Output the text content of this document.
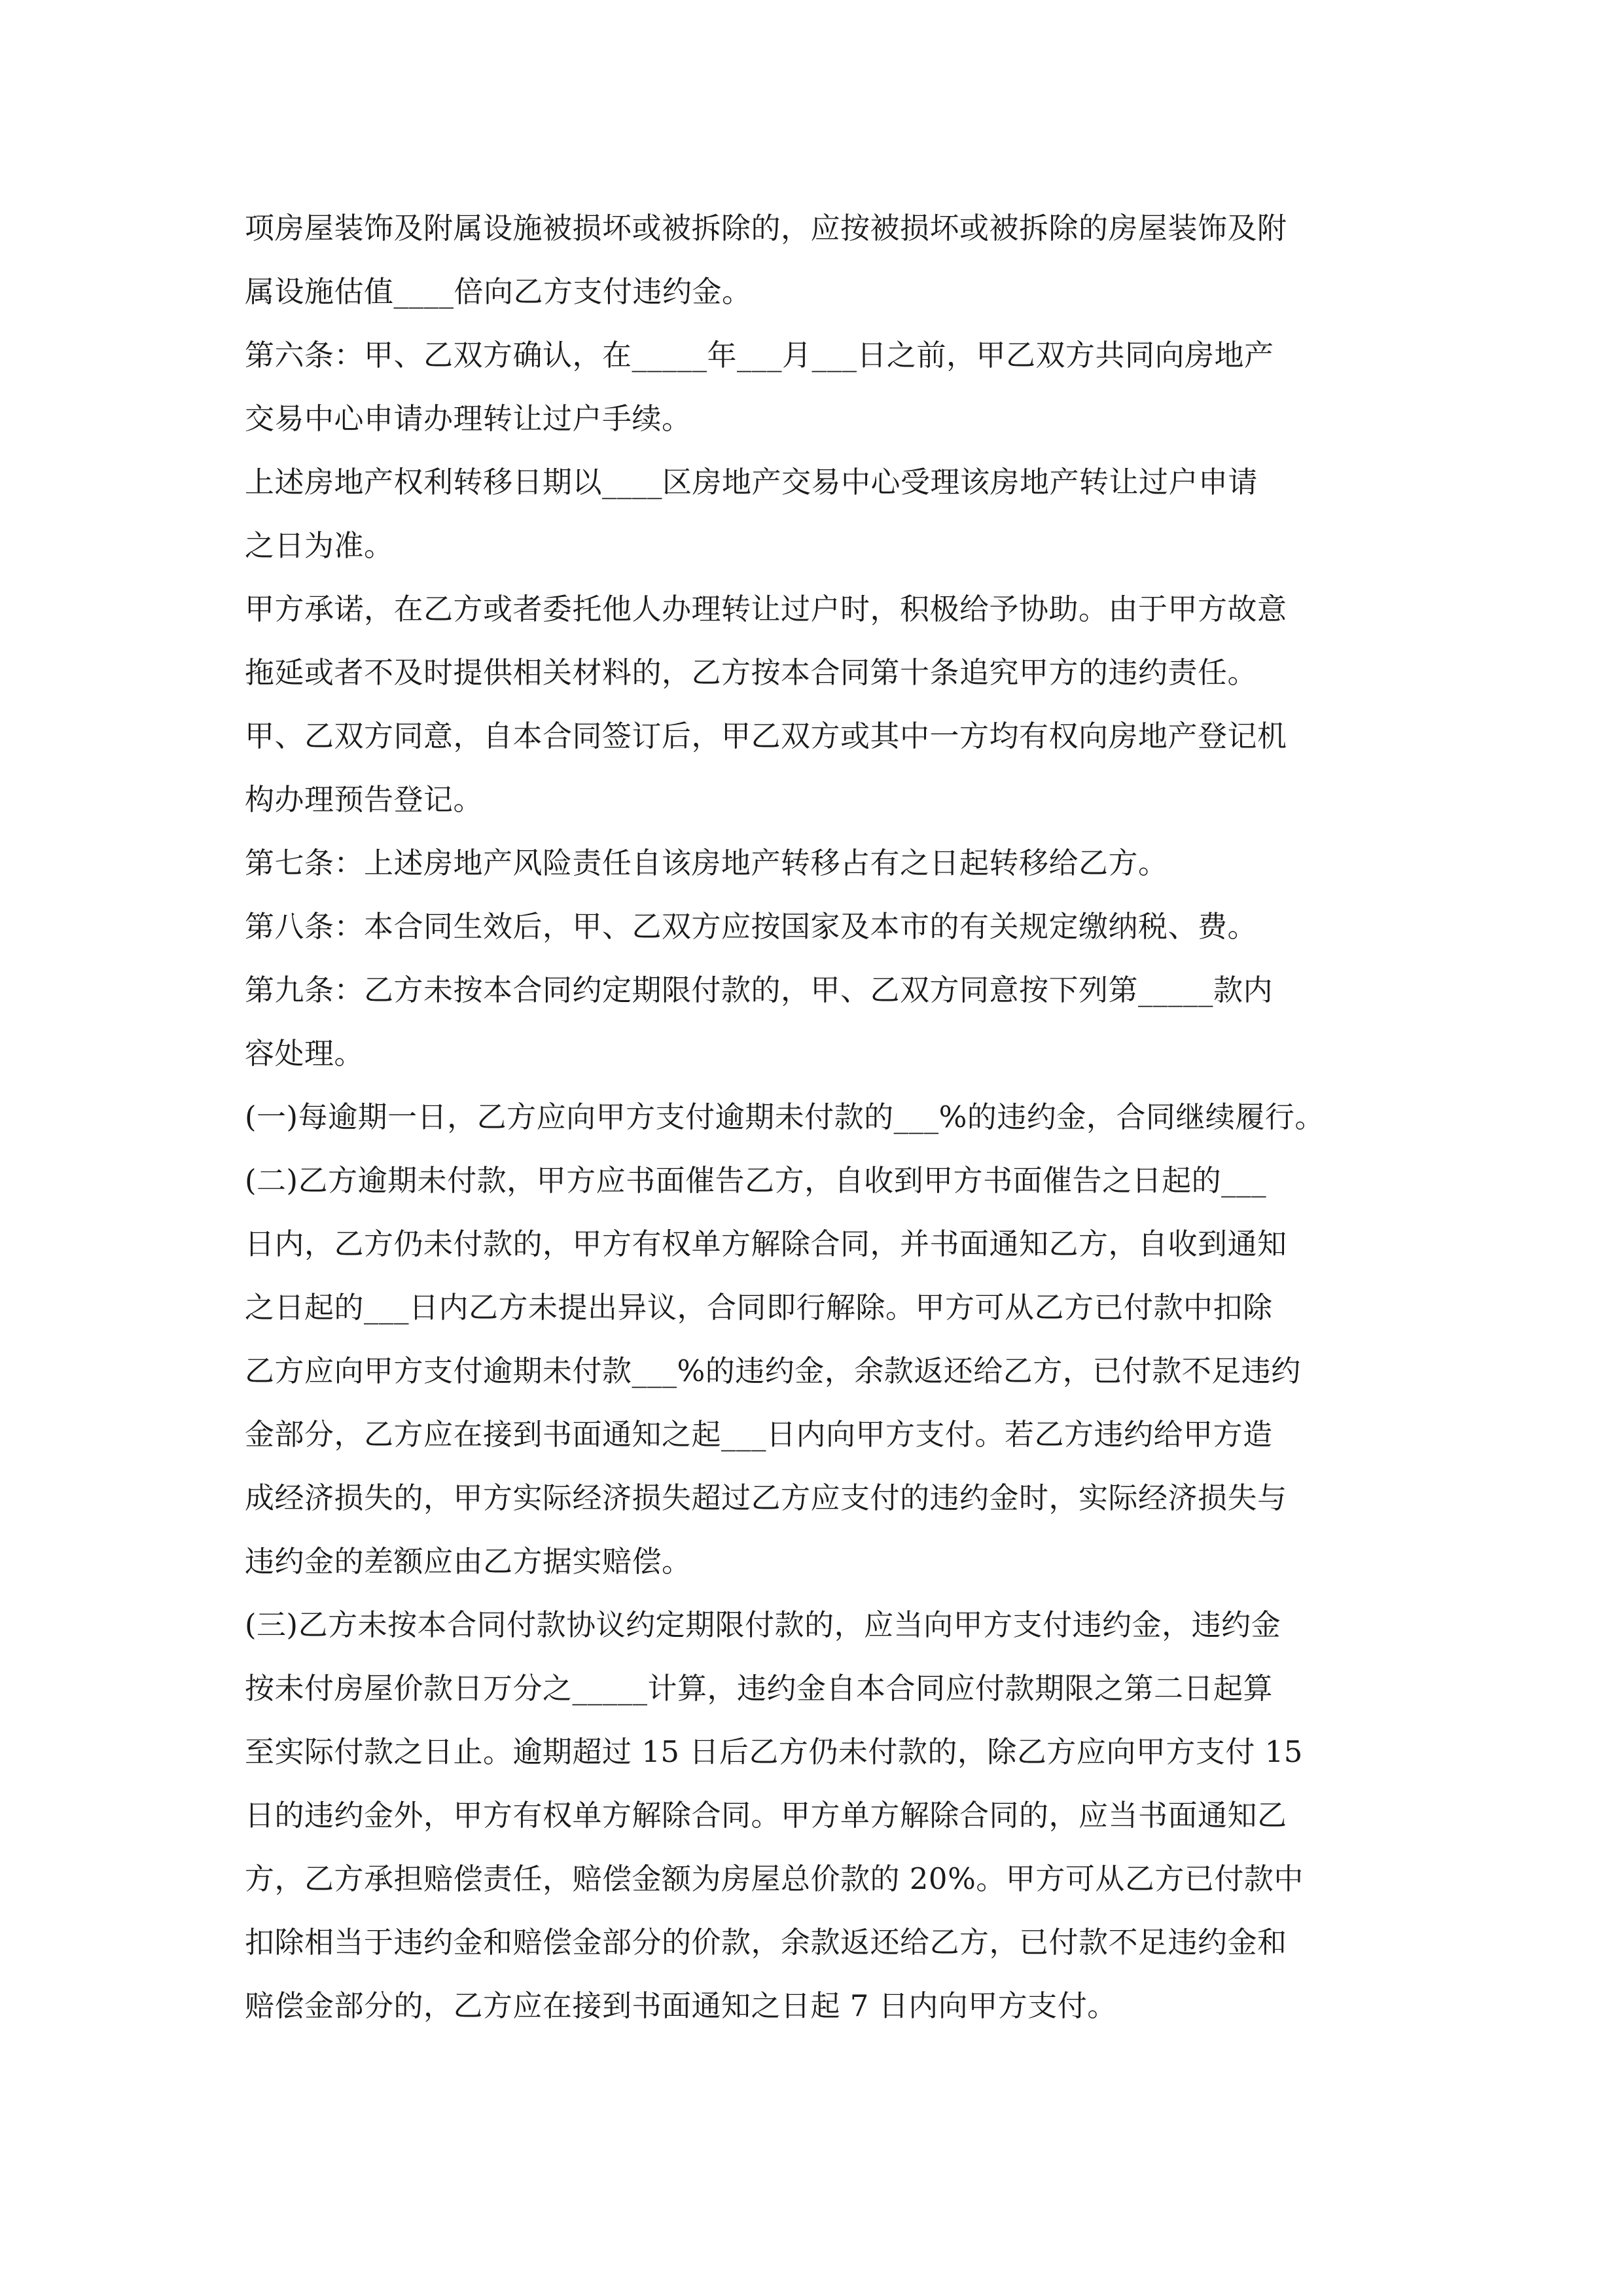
项房屋装饰及附属设施被损坏或被拆除的，应按被损坏或被拆除的房屋装饰及附
属设施估值____倍向乙方支付违约金。
第六条：甲、乙双方确认，在_____年___月___日之前，甲乙双方共同向房地产
交易中心申请办理转让过户手续。
上述房地产权利转移日期以____区房地产交易中心受理该房地产转让过户申请
之日为准。
甲方承诺，在乙方或者委托他人办理转让过户时，积极给予协助。由于甲方故意
拖延或者不及时提供相关材料的，乙方按本合同第十条追究甲方的违约责任。
甲、乙双方同意，自本合同签订后，甲乙双方或其中一方均有权向房地产登记机
构办理预告登记。
第七条：上述房地产风险责任自该房地产转移占有之日起转移给乙方。
第八条：本合同生效后，甲、乙双方应按国家及本市的有关规定缴纳税、费。
第九条：乙方未按本合同约定期限付款的，甲、乙双方同意按下列第_____款内
容处理。
(一)每逾期一日，乙方应向甲方支付逾期未付款的___%的违约金，合同继续履行。
(二)乙方逾期未付款，甲方应书面催告乙方，自收到甲方书面催告之日起的___
日内，乙方仍未付款的，甲方有权单方解除合同，并书面通知乙方，自收到通知
之日起的___日内乙方未提出异议，合同即行解除。甲方可从乙方已付款中扣除
乙方应向甲方支付逾期未付款___%的违约金，余款返还给乙方，已付款不足违约
金部分，乙方应在接到书面通知之起___日内向甲方支付。若乙方违约给甲方造
成经济损失的，甲方实际经济损失超过乙方应支付的违约金时，实际经济损失与
违约金的差额应由乙方据实赔偿。
(三)乙方未按本合同付款协议约定期限付款的，应当向甲方支付违约金，违约金
按未付房屋价款日万分之_____计算，违约金自本合同应付款期限之第二日起算
至实际付款之日止。逾期超过 15 日后乙方仍未付款的，除乙方应向甲方支付 15
日的违约金外，甲方有权单方解除合同。甲方单方解除合同的，应当书面通知乙
方，乙方承担赔偿责任，赔偿金额为房屋总价款的 20%。甲方可从乙方已付款中
扣除相当于违约金和赔偿金部分的价款，余款返还给乙方，已付款不足违约金和
赔偿金部分的，乙方应在接到书面通知之日起 7 日内向甲方支付。
